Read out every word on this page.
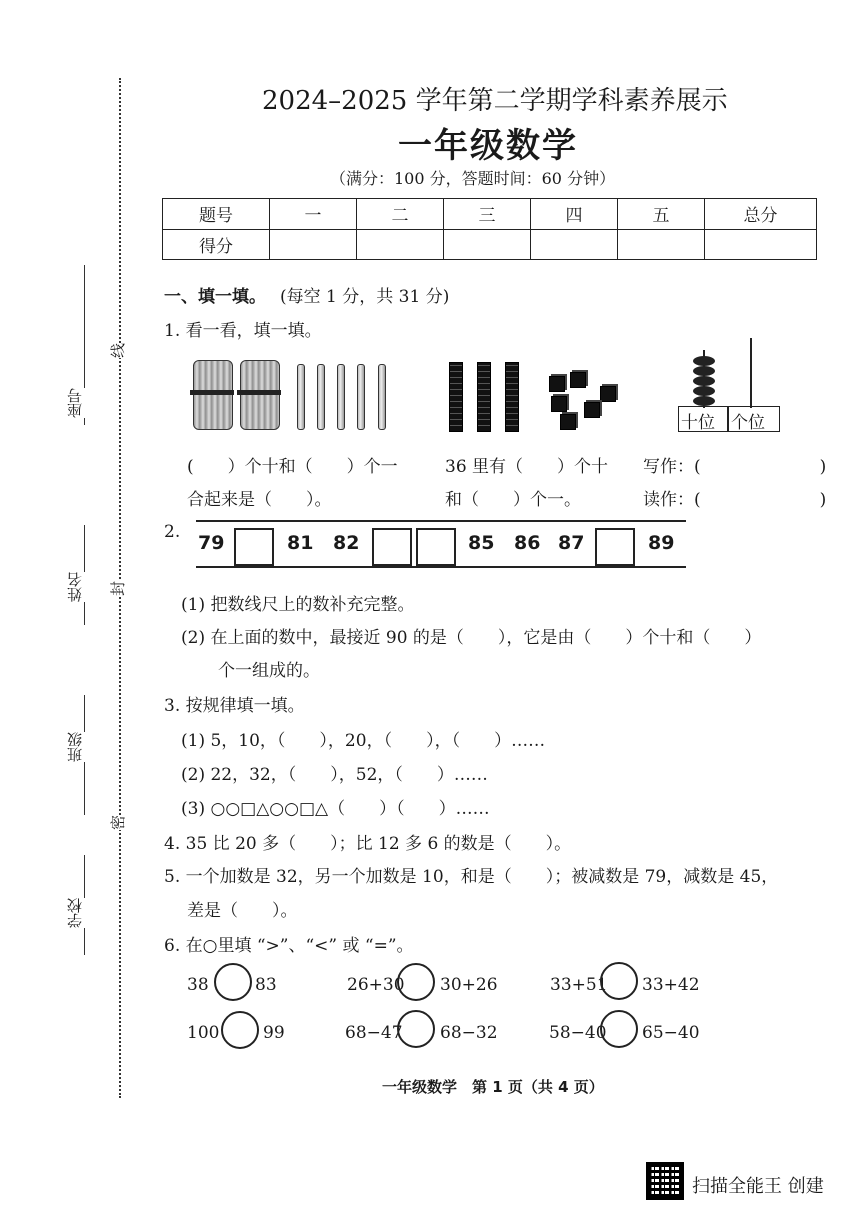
座号
姓名
班级
学校
线
封
密
2024–2025 学年第二学期学科素养展示
一年级数学
（满分：100 分，答题时间：60 分钟）
题号	一	二	三	四	五	总分
得分						
一、填一填。 (每空 1 分，共 31 分)
1. 看一看，填一填。
十位 个位
(　　）个十和（　　）个一
合起来是（　　）。
36 里有（　　）个十
和（　　）个一。
写作：(　　　　　　　)
读作：(　　　　　　　)
2. 79	81 82	85 86 87	89
(1) 把数线尺上的数补充完整。
(2) 在上面的数中，最接近 90 的是（　　），它是由（　　）个十和（　　）
个一组成的。
3. 按规律填一填。
(1) 5，10，（　　），20，（　　），（　　）……
(2) 22，32，（　　），52，（　　）……
(3) ○○□△○○□△（　　）（　　）……
4. 35 比 20 多（　　）；比 12 多 6 的数是（　　）。
5. 一个加数是 32，另一个加数是 10，和是（　　）；被减数是 79，减数是 45，
差是（　　）。
6. 在○里填 “>”、“<” 或 “=”。
38	83	26+30 30+26	33+51 33+42
100	99	68−47 68−32	58−40 65−40
一年级数学　第 1 页（共 4 页）
扫描全能王 创建
